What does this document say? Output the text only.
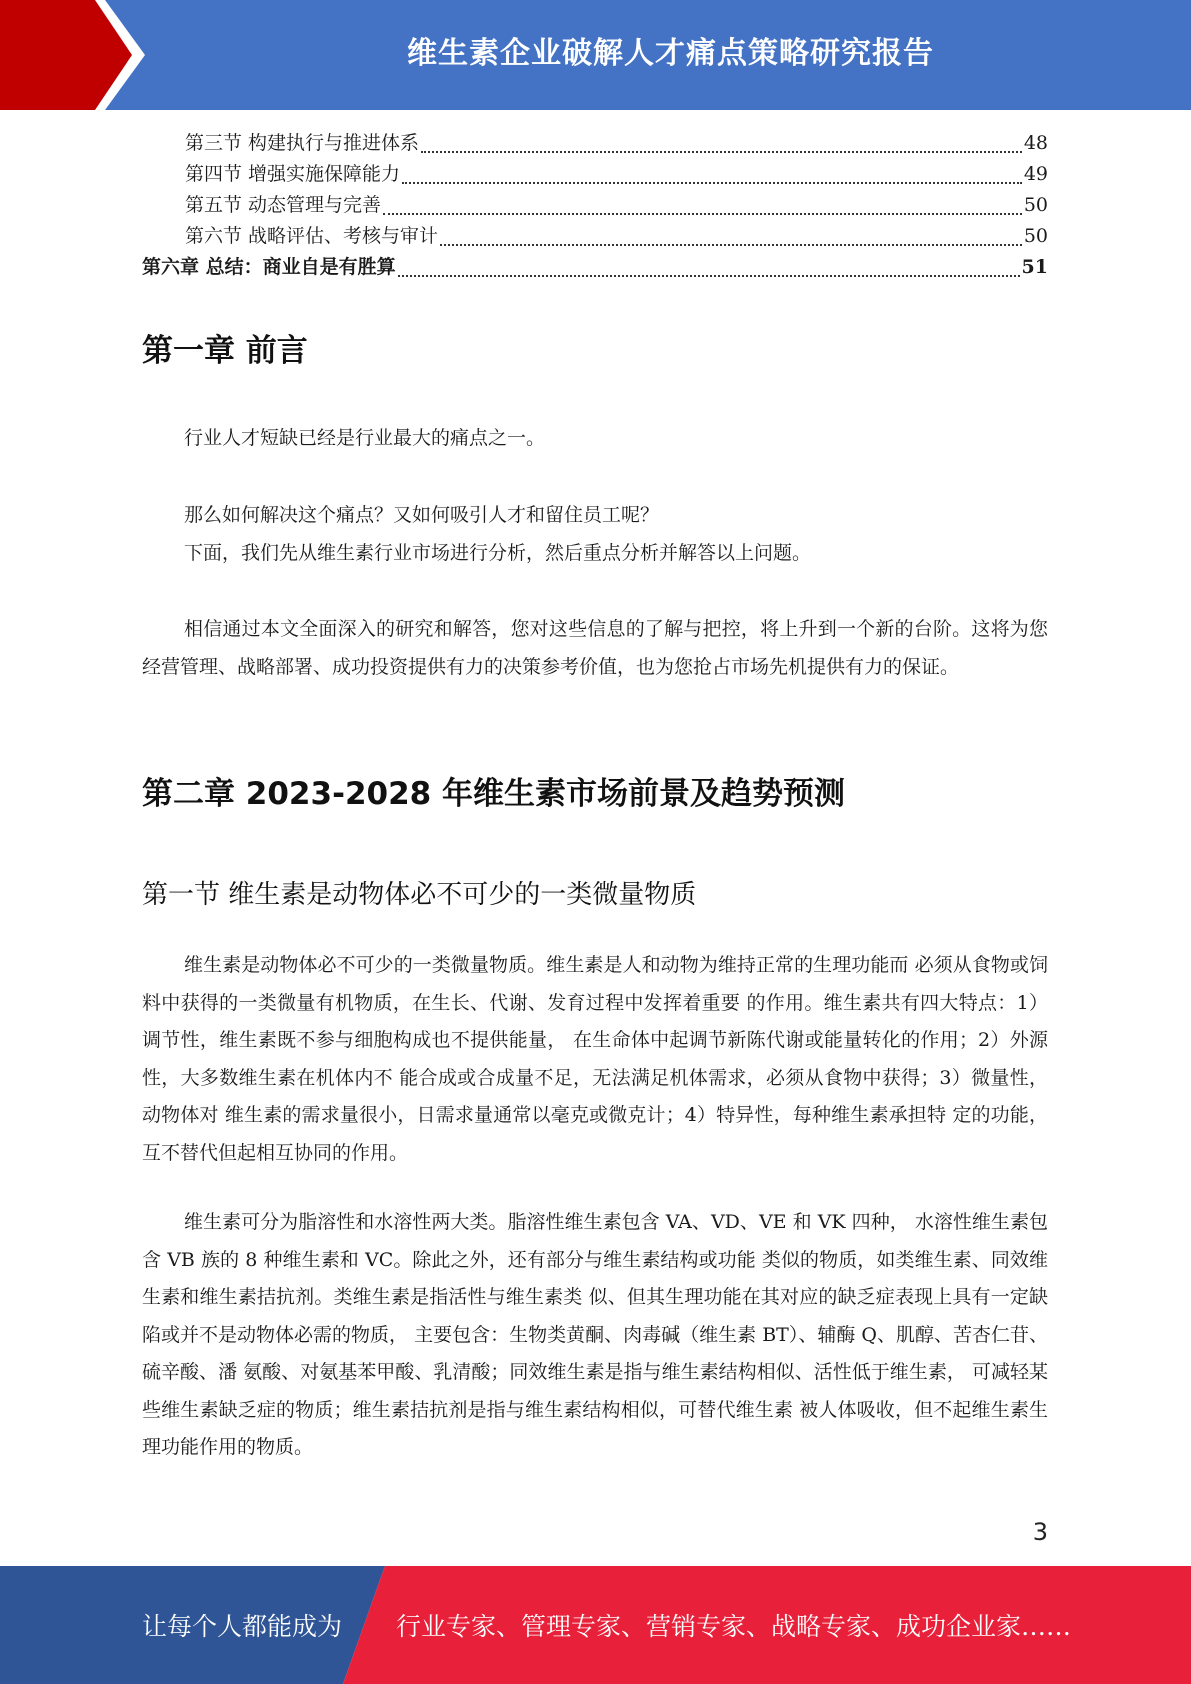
维生素企业破解人才痛点策略研究报告
第三节 构建执行与推进体系	48
第四节 增强实施保障能力	49
第五节 动态管理与完善	50
第六节 战略评估、考核与审计	50
第六章 总结：商业自是有胜算	51
第一章 前言

行业人才短缺已经是行业最大的痛点之一。

那么如何解决这个痛点？又如何吸引人才和留住员工呢？

下面，我们先从维生素行业市场进行分析，然后重点分析并解答以上问题。

相信通过本文全面深入的研究和解答，您对这些信息的了解与把控，将上升到一个新的台阶。这将为您经营管理、战略部署、成功投资提供有力的决策参考价值，也为您抢占市场先机提供有力的保证。

第二章 2023-2028 年维生素市场前景及趋势预测
第一节 维生素是动物体必不可少的一类微量物质

维生素是动物体必不可少的一类微量物质。维生素是人和动物为维持正常的生理功能而 必须从食物或饲料中获得的一类微量有机物质，在生长、代谢、发育过程中发挥着重要 的作用。维生素共有四大特点：1）调节性，维生素既不参与细胞构成也不提供能量， 在生命体中起调节新陈代谢或能量转化的作用；2）外源性，大多数维生素在机体内不 能合成或合成量不足，无法满足机体需求，必须从食物中获得；3）微量性，动物体对 维生素的需求量很小，日需求量通常以毫克或微克计；4）特异性，每种维生素承担特 定的功能，互不替代但起相互协同的作用。

维生素可分为脂溶性和水溶性两大类。脂溶性维生素包含 VA、VD、VE 和 VK 四种， 水溶性维生素包含 VB 族的 8 种维生素和 VC。除此之外，还有部分与维生素结构或功能 类似的物质，如类维生素、同效维生素和维生素拮抗剂。类维生素是指活性与维生素类 似、但其生理功能在其对应的缺乏症表现上具有一定缺陷或并不是动物体必需的物质， 主要包含：生物类黄酮、肉毒碱（维生素 BT）、辅酶 Q、肌醇、苦杏仁苷、硫辛酸、潘 氨酸、对氨基苯甲酸、乳清酸；同效维生素是指与维生素结构相似、活性低于维生素， 可减轻某些维生素缺乏症的物质；维生素拮抗剂是指与维生素结构相似，可替代维生素 被人体吸收，但不起维生素生理功能作用的物质。

3
让每个人都能成为 行业专家、管理专家、营销专家、战略专家、成功企业家……
